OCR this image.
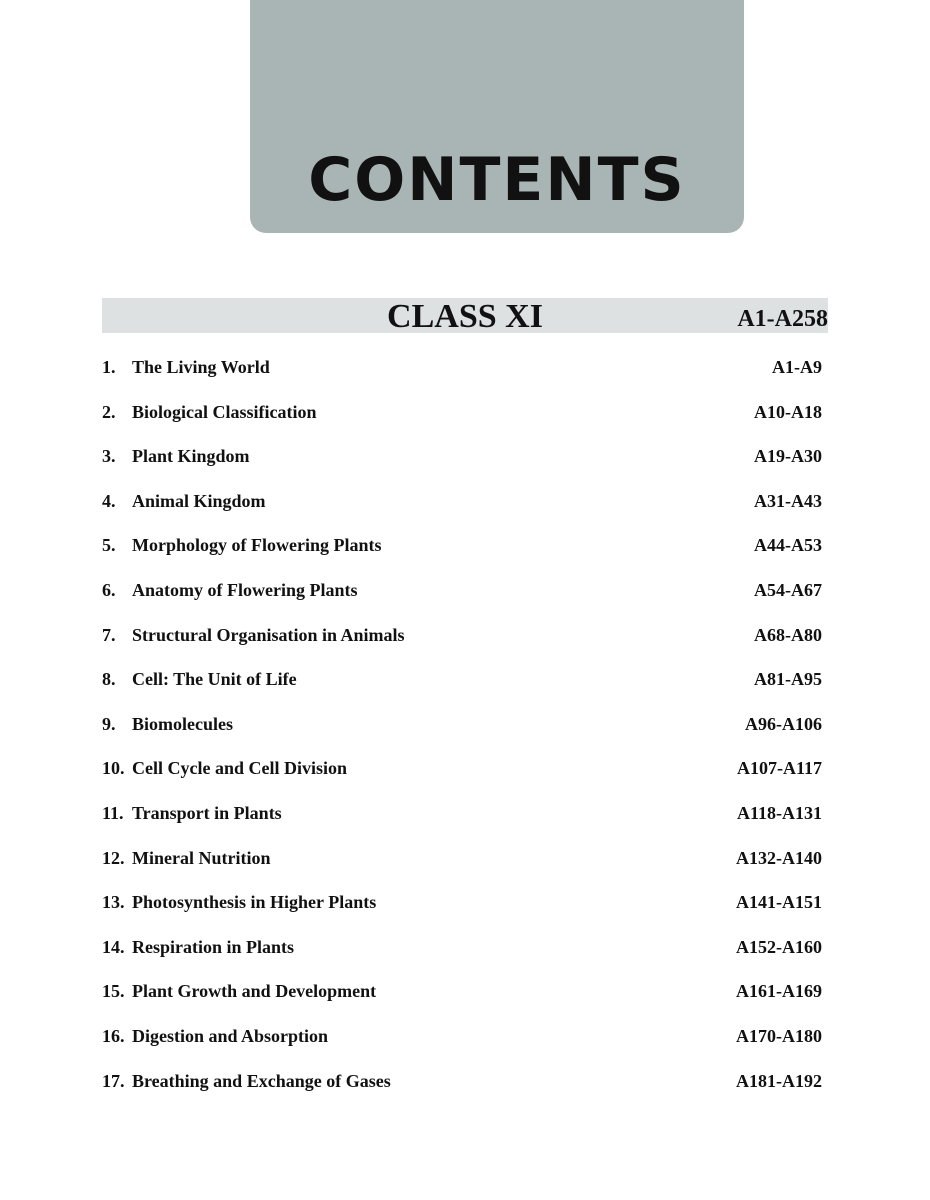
CONTENTS
CLASS XI	A1-A258
1. The Living World	A1-A9
2. Biological Classification	A10-A18
3. Plant Kingdom	A19-A30
4. Animal Kingdom	A31-A43
5. Morphology of Flowering Plants	A44-A53
6. Anatomy of Flowering Plants	A54-A67
7. Structural Organisation in Animals	A68-A80
8. Cell: The Unit of Life	A81-A95
9. Biomolecules	A96-A106
10. Cell Cycle and Cell Division	A107-A117
11. Transport in Plants	A118-A131
12. Mineral Nutrition	A132-A140
13. Photosynthesis in Higher Plants	A141-A151
14. Respiration in Plants	A152-A160
15. Plant Growth and Development	A161-A169
16. Digestion and Absorption	A170-A180
17. Breathing and Exchange of Gases	A181-A192
